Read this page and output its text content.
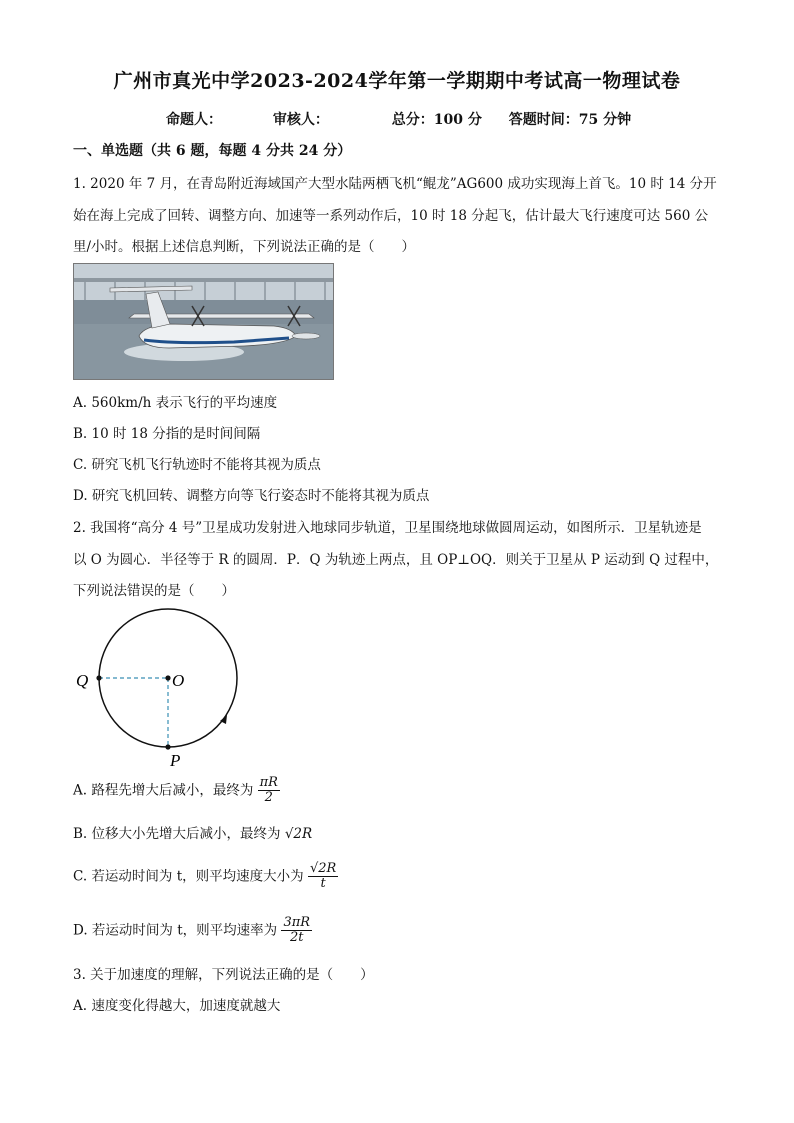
广州市真光中学2023-2024学年第一学期期中考试高一物理试卷
命题人：	审核人：	总分：100 分 答题时间：75 分钟
一、单选题（共 6 题，每题 4 分共 24 分）
1. 2020 年 7 月，在青岛附近海域国产大型水陆两栖飞机“鲲龙”AG600 成功实现海上首飞。10 时 14 分开
始在海上完成了回转、调整方向、加速等一系列动作后，10 时 18 分起飞，估计最大飞行速度可达 560 公
里/小时。根据上述信息判断，下列说法正确的是（　　）
A. 560km/h 表示飞行的平均速度
B. 10 时 18 分指的是时间间隔
C. 研究飞机飞行轨迹时不能将其视为质点
D. 研究飞机回转、调整方向等飞行姿态时不能将其视为质点
2. 我国将“高分 4 号”卫星成功发射进入地球同步轨道，卫星围绕地球做圆周运动，如图所示．卫星轨迹是
以 O 为圆心．半径等于 R 的圆周．P．Q 为轨迹上两点，且 OP⊥OQ．则关于卫星从 P 运动到 Q 过程中，
下列说法错误的是（　　）
Q	O
P
A. 路程先增大后减小，最终为 $\frac{\pi R}{2}$
B. 位移大小先增大后减小，最终为 √2R
C. 若运动时间为 t，则平均速度大小为 $\frac{√2R}{t}$
D. 若运动时间为 t，则平均速率为 $\frac{3\pi R}{2t}$
3. 关于加速度的理解，下列说法正确的是（　　）
A. 速度变化得越大，加速度就越大
